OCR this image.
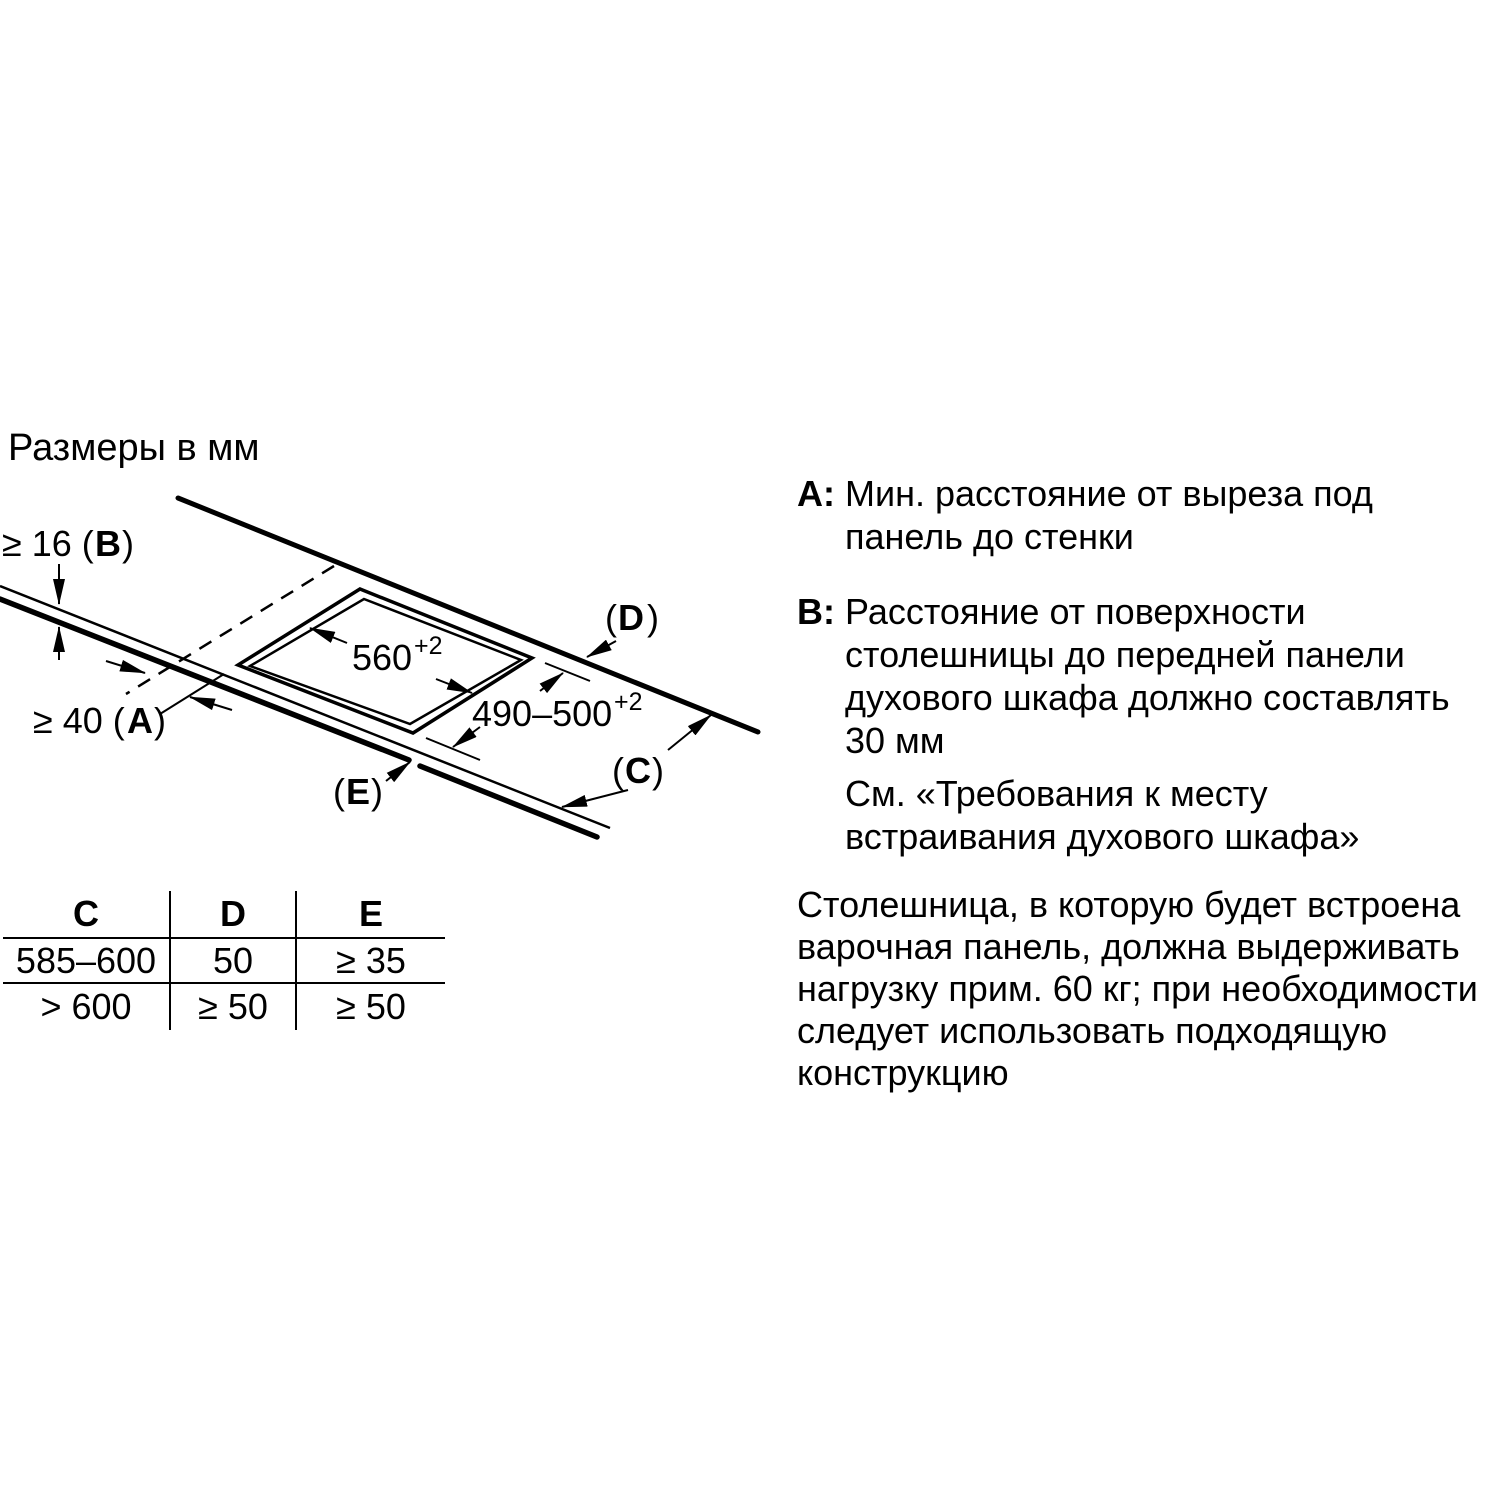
Размеры в мм
≥ 16 ( B )
≥ 40 ( A )
( D )
( C )
( E )
560 +2
490–500 +2
C	D	E
585–600	50	≥ 35
> 600	≥ 50	≥ 50
A: Мин. расстояние от выреза под
панель до стенки
B: Расстояние от поверхности
столешницы до передней панели
духового шкафа должно составлять
30 мм
См. «Требования к месту
встраивания духового шкафа»
Столешница, в которую будет встроена
варочная панель, должна выдерживать
нагрузку прим. 60 кг; при необходимости
следует использовать подходящую
конструкцию
